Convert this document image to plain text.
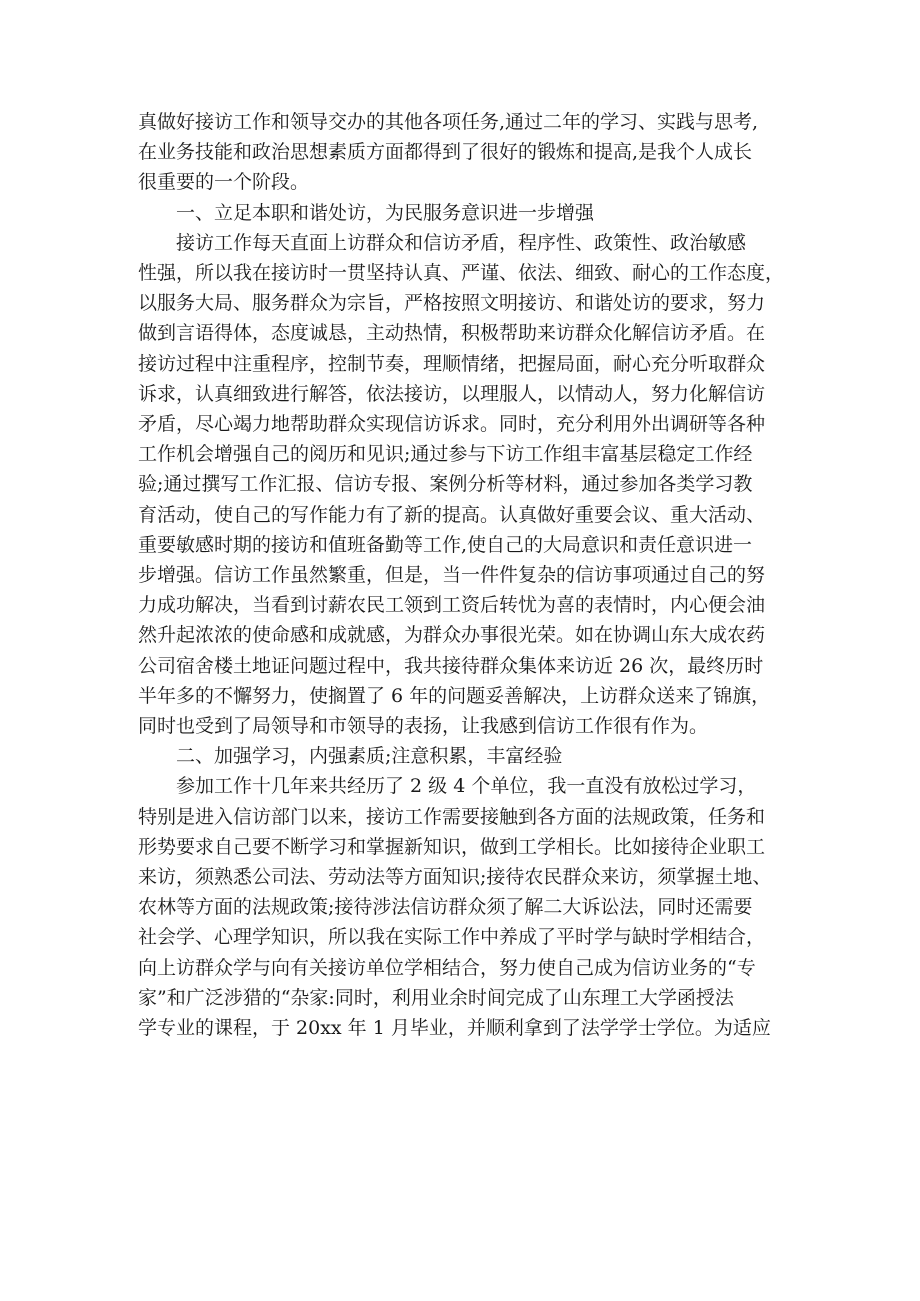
真做好接访工作和领导交办的其他各项任务,通过二年的学习、实践与思考,
在业务技能和政治思想素质方面都得到了很好的锻炼和提高,是我个人成长
很重要的一个阶段。

一、立足本职和谐处访，为民服务意识进一步增强

接访工作每天直面上访群众和信访矛盾，程序性、政策性、政治敏感
性强，所以我在接访时一贯坚持认真、严谨、依法、细致、耐心的工作态度，
以服务大局、服务群众为宗旨，严格按照文明接访、和谐处访的要求，努力
做到言语得体，态度诚恳，主动热情，积极帮助来访群众化解信访矛盾。在
接访过程中注重程序，控制节奏，理顺情绪，把握局面，耐心充分听取群众
诉求，认真细致进行解答，依法接访，以理服人，以情动人，努力化解信访
矛盾，尽心竭力地帮助群众实现信访诉求。同时，充分利用外出调研等各种
工作机会增强自己的阅历和见识;通过参与下访工作组丰富基层稳定工作经
验;通过撰写工作汇报、信访专报、案例分析等材料，通过参加各类学习教
育活动，使自己的写作能力有了新的提高。认真做好重要会议、重大活动、
重要敏感时期的接访和值班备勤等工作,使自己的大局意识和责任意识进一
步增强。信访工作虽然繁重，但是，当一件件复杂的信访事项通过自己的努
力成功解决，当看到讨薪农民工领到工资后转忧为喜的表情时，内心便会油
然升起浓浓的使命感和成就感，为群众办事很光荣。如在协调山东大成农药
公司宿舍楼土地证问题过程中，我共接待群众集体来访近 26 次，最终历时
半年多的不懈努力，使搁置了 6 年的问题妥善解决，上访群众送来了锦旗，
同时也受到了局领导和市领导的表扬，让我感到信访工作很有作为。

二、加强学习，内强素质;注意积累，丰富经验

参加工作十几年来共经历了 2 级 4 个单位，我一直没有放松过学习，
特别是进入信访部门以来，接访工作需要接触到各方面的法规政策，任务和
形势要求自己要不断学习和掌握新知识，做到工学相长。比如接待企业职工
来访，须熟悉公司法、劳动法等方面知识;接待农民群众来访，须掌握土地、
农林等方面的法规政策;接待涉法信访群众须了解二大诉讼法，同时还需要
社会学、心理学知识，所以我在实际工作中养成了平时学与缺时学相结合，
向上访群众学与向有关接访单位学相结合，努力使自己成为信访业务的“专
家”和广泛涉猎的“杂家:同时，利用业余时间完成了山东理工大学函授法
学专业的课程，于 20xx 年 1 月毕业，并顺利拿到了法学学士学位。为适应
